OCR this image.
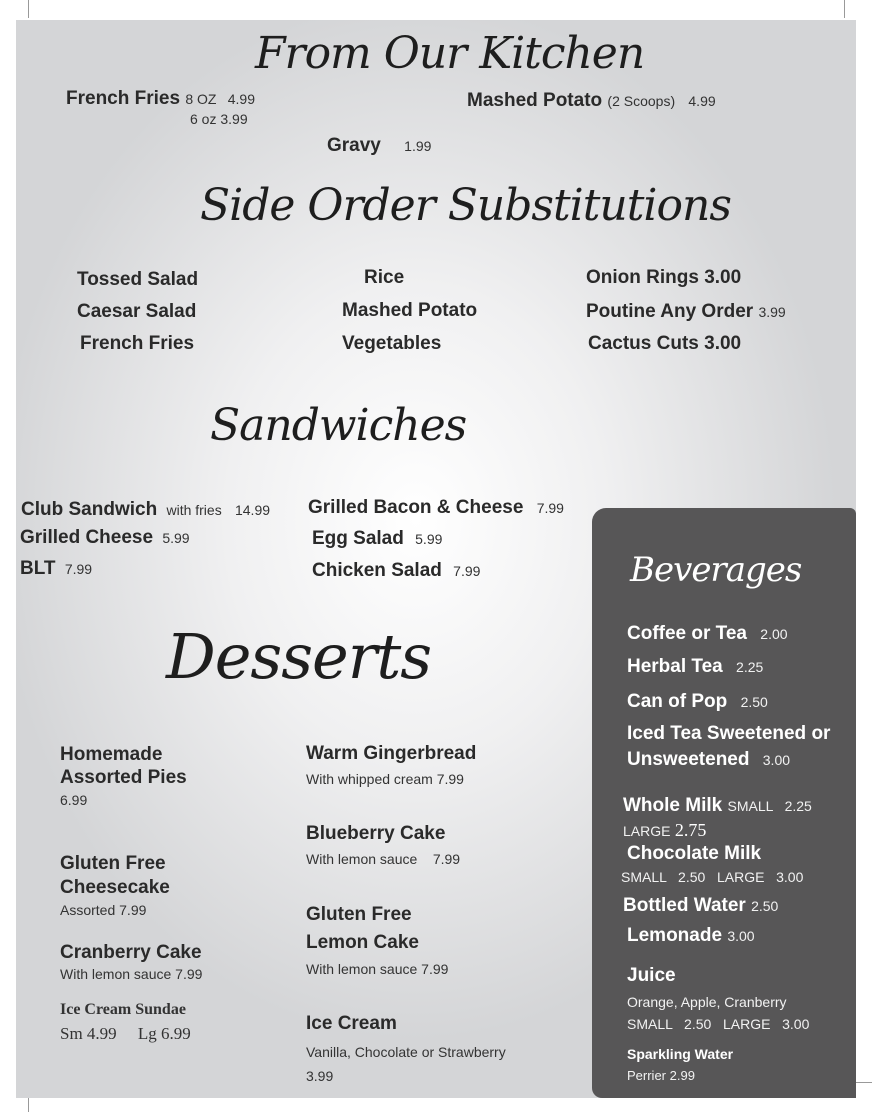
From Our Kitchen
French Fries 8 OZ 4.99
6 oz 3.99
Mashed Potato (2 Scoops) 4.99
Gravy 1.99
Side Order Substitutions
Tossed Salad
Caesar Salad
French Fries
Rice
Mashed Potato
Vegetables
Onion Rings 3.00
Poutine Any Order 3.99
Cactus Cuts 3.00
Sandwiches
Club Sandwich with fries 14.99
Grilled Cheese 5.99
BLT 7.99
Grilled Bacon & Cheese 7.99
Egg Salad 5.99
Chicken Salad 7.99
Desserts
Homemade
Assorted Pies
6.99
Gluten Free
Cheesecake
Assorted 7.99
Cranberry Cake
With lemon sauce 7.99
Ice Cream Sundae
Sm 4.99     Lg 6.99
Warm Gingerbread
With whipped cream 7.99
Blueberry Cake
With lemon sauce    7.99
Gluten Free
Lemon Cake
With lemon sauce 7.99
Ice Cream
Vanilla, Chocolate or Strawberry
3.99
Beverages
Coffee or Tea 2.00
Herbal Tea 2.25
Can of Pop 2.50
Iced Tea Sweetened or
Unsweetened 3.00
Whole Milk SMALL   2.25
LARGE 2.75
Chocolate Milk
SMALL   2.50   LARGE   3.00
Bottled Water 2.50
Lemonade 3.00
Juice
Orange, Apple, Cranberry
SMALL   2.50   LARGE   3.00
Sparkling Water
Perrier 2.99
